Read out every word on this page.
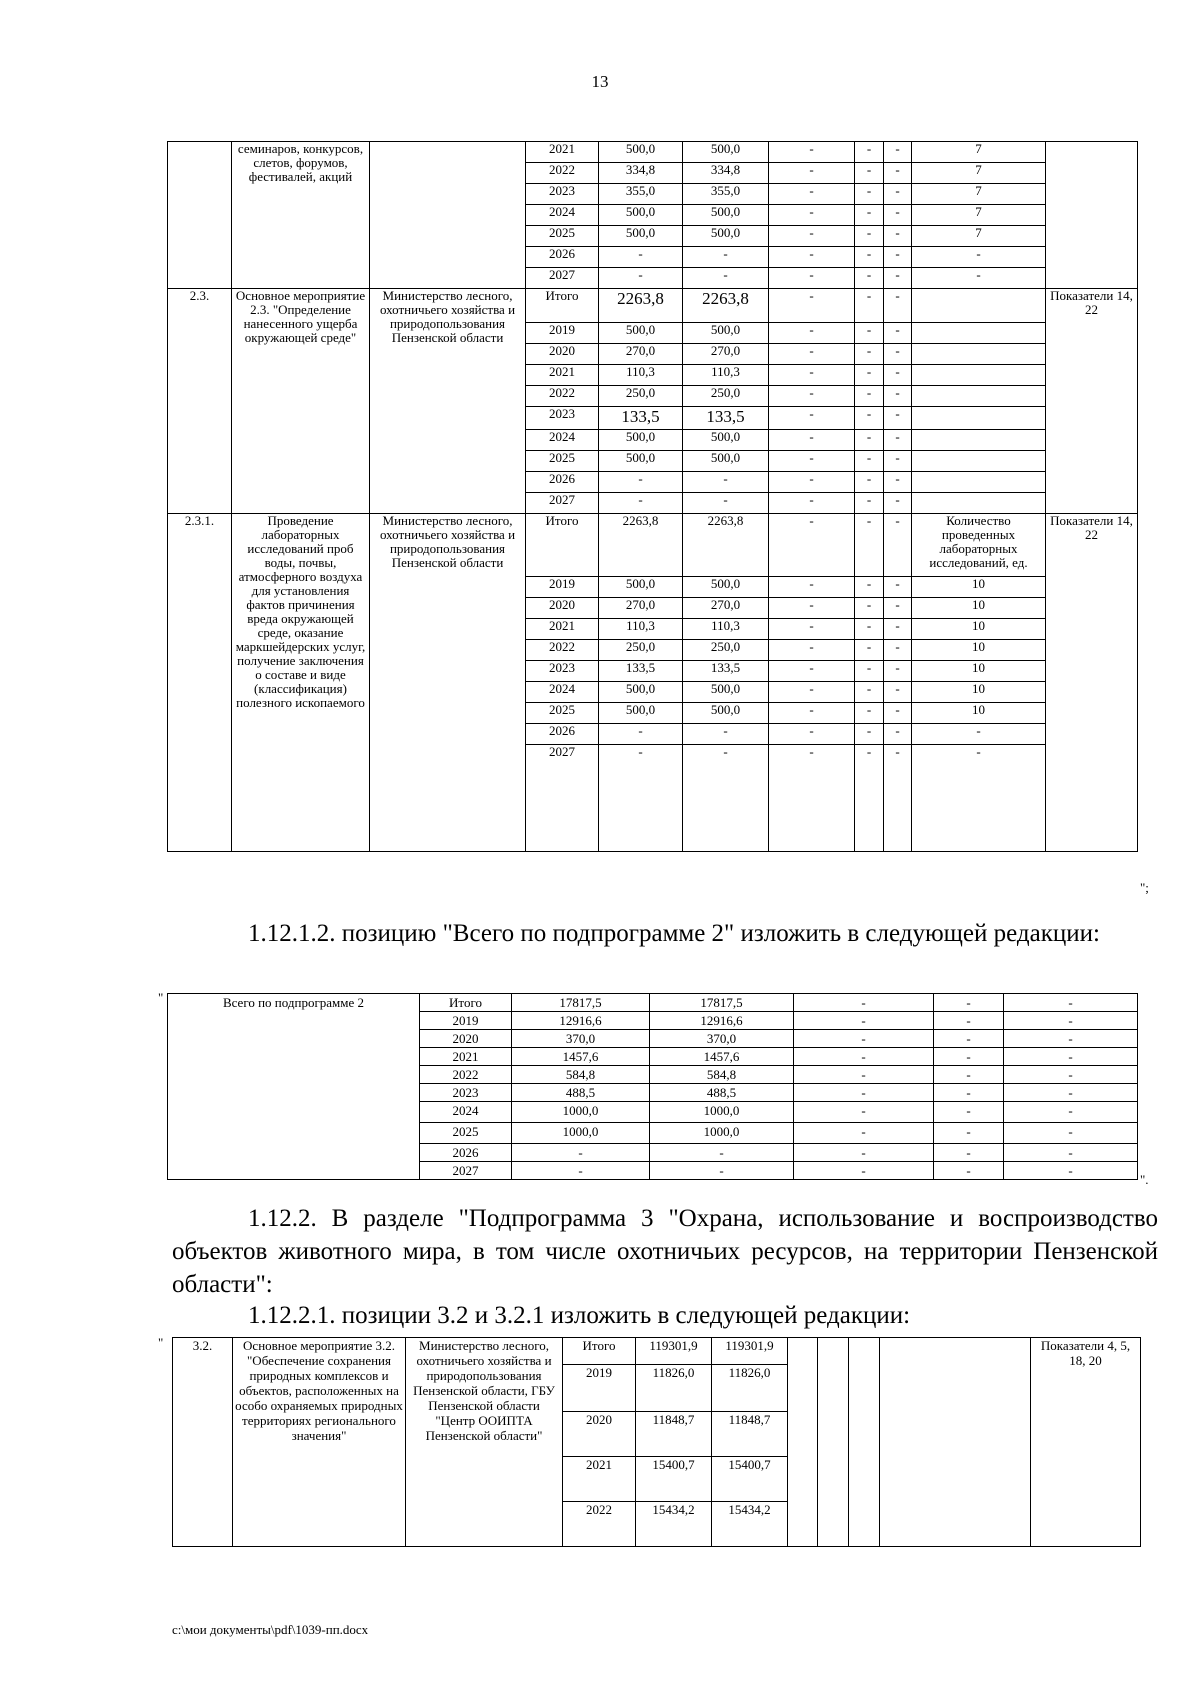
13
	семинаров, конкурсов, слетов, форумов, фестивалей, акций		2021	500,0	500,0	-	-	-	7	
			2022	334,8	334,8	-	-	-	7	
			2023	355,0	355,0	-	-	-	7	
			2024	500,0	500,0	-	-	-	7	
			2025	500,0	500,0	-	-	-	7	
			2026	-	-	-	-	-	-	
			2027	-	-	-	-	-	-	
2.3.	Основное мероприятие 2.3. "Определение нанесенного ущерба окружающей среде"	Министерство лесного, охотничьего хозяйства и природопользования Пензенской области	Итого	2263,8	2263,8	-	-	-		Показатели 14, 22
			2019	500,0	500,0	-	-	-		
			2020	270,0	270,0	-	-	-		
			2021	110,3	110,3	-	-	-		
			2022	250,0	250,0	-	-	-		
			2023	133,5	133,5	-	-	-		
			2024	500,0	500,0	-	-	-		
			2025	500,0	500,0	-	-	-		
			2026	-	-	-	-	-		
			2027	-	-	-	-	-		
2.3.1.	Проведение лабораторных исследований проб воды, почвы, атмосферного воздуха для установления фактов причинения вреда окружающей среде, оказание маркшейдерских услуг, получение заключения о составе и виде (классификация) полезного ископаемого	Министерство лесного, охотничьего хозяйства и природопользования Пензенской области	Итого	2263,8	2263,8	-	-	-	Количество проведенных лабораторных исследований, ед.	Показатели 14, 22
			2019	500,0	500,0	-	-	-	10	
			2020	270,0	270,0	-	-	-	10	
			2021	110,3	110,3	-	-	-	10	
			2022	250,0	250,0	-	-	-	10	
			2023	133,5	133,5	-	-	-	10	
			2024	500,0	500,0	-	-	-	10	
			2025	500,0	500,0	-	-	-	10	
			2026	-	-	-	-	-	-	
			2027	-	-	-	-	-	-	
";
1.12.1.2. позицию "Всего по подпрограмме 2" изложить в следующей редакции:
"	Всего по подпрограмме 2	Итого	17817,5	17817,5	-	-	-
	2019	12916,6	12916,6	-	-	-
	2020	370,0	370,0	-	-	-
	2021	1457,6	1457,6	-	-	-
	2022	584,8	584,8	-	-	-
	2023	488,5	488,5	-	-	-
	2024	1000,0	1000,0	-	-	-
	2025	1000,0	1000,0	-	-	-
	2026	-	-	-	-	-
	2027	-	-	-	-	-
".
1.12.2. В разделе "Подпрограмма 3 "Охрана, использование и воспроизводство объектов животного мира, в том числе охотничьих ресурсов, на территории Пензенской области":
1.12.2.1. позиции 3.2 и 3.2.1 изложить в следующей редакции:
" 3.2.	Основное мероприятие 3.2. "Обеспечение сохранения природных комплексов и объектов, расположенных на особо охраняемых природных территориях регионального значения"	Министерство лесного, охотничьего хозяйства и природопользования Пензенской области, ГБУ Пензенской области "Центр ООИПТА Пензенской области"	Итого	119301,9	119301,9					Показатели 4, 5, 18, 20
			2019	11826,0	11826,0					
			2020	11848,7	11848,7					
			2021	15400,7	15400,7					
			2022	15434,2	15434,2					
c:\мои документы\pdf\1039-пп.docx
